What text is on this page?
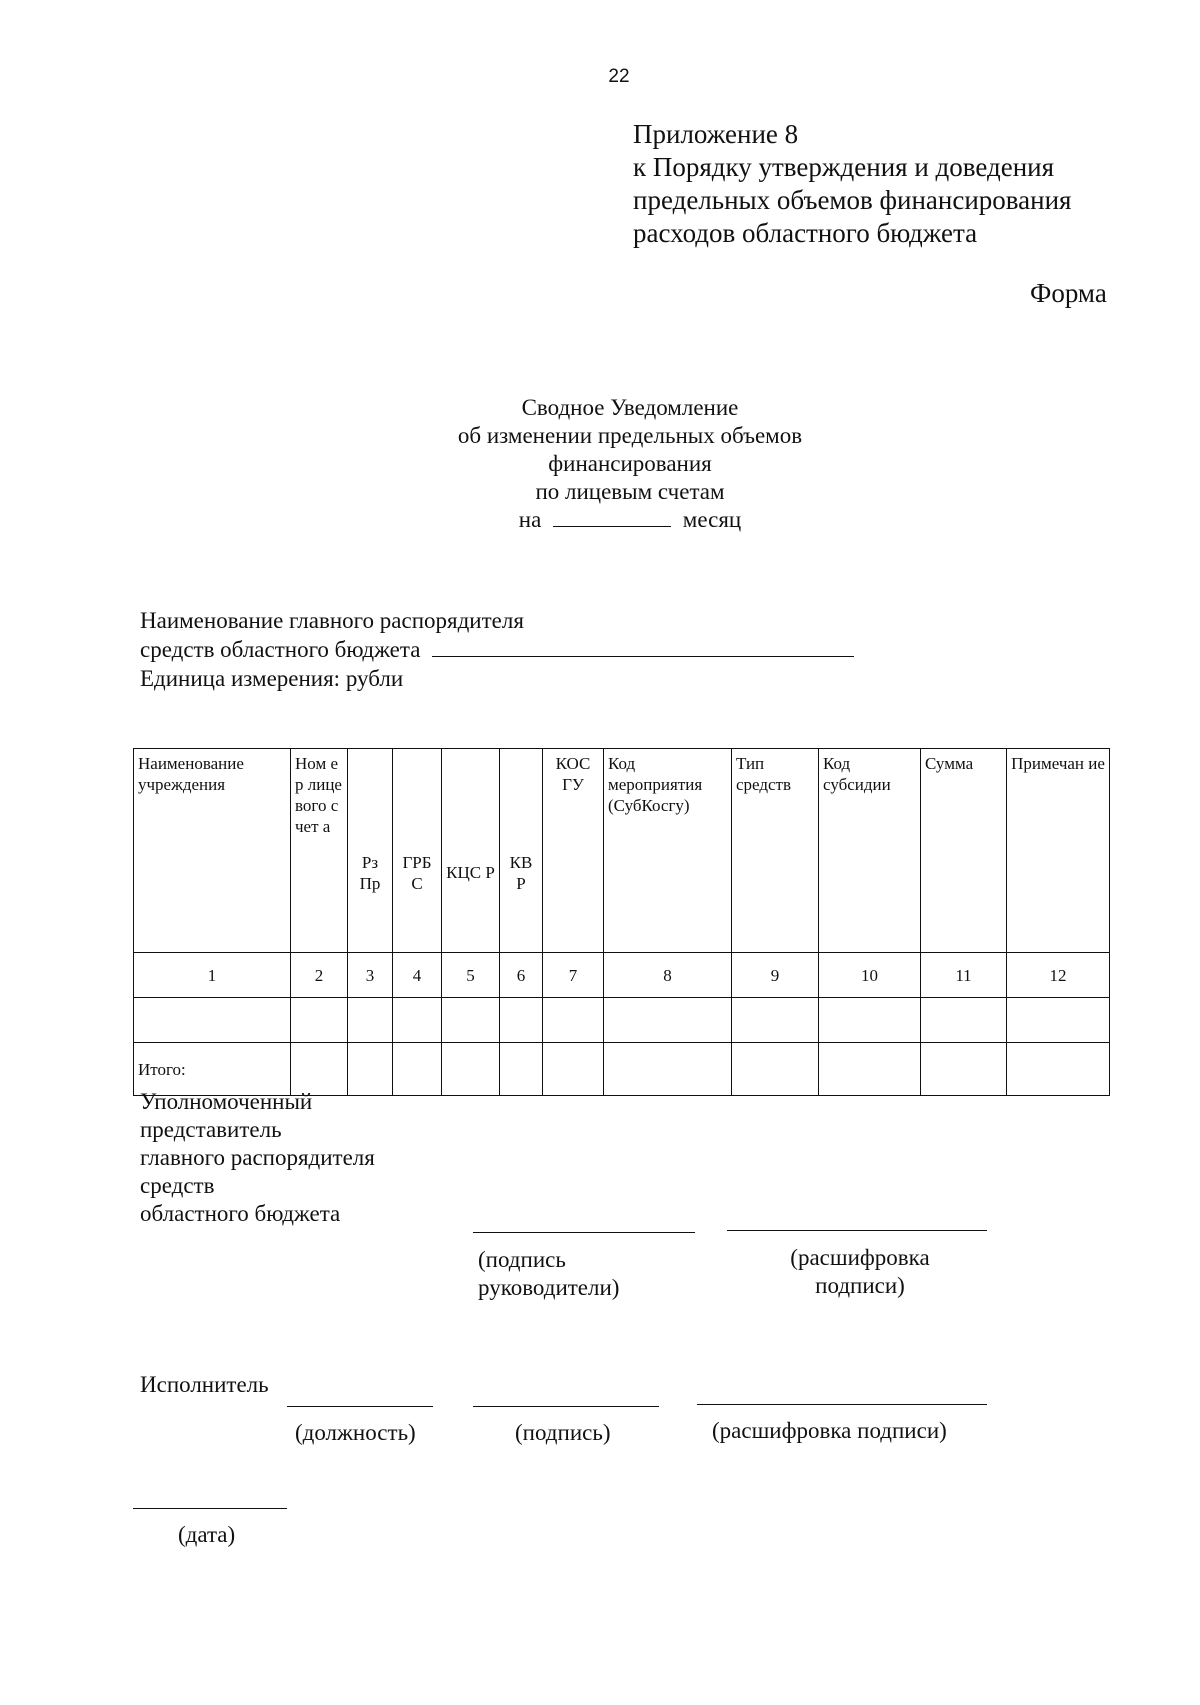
22
Приложение 8
к Порядку утверждения и доведения
предельных объемов финансирования
расходов областного бюджета
Форма
Сводное Уведомление
об изменении предельных объемов
финансирования
по лицевым счетам
на	месяц
Наименование главного распорядителя
средств областного бюджета
Единица измерения: рубли
Наименование учреждения	Ном ер лице вого счет а	Рз Пр	ГРБ С	КЦС Р	КВ Р	КОС ГУ	Код мероприятия (СубКосгу)	Тип средств	Код субсидии	Сумма	Примечан ие
1	2	3	4	5	6	7	8	9	10	11	12

Итого:											
Уполномоченный
представитель
главного распорядителя
средств
областного бюджета
(подпись
руководители)
(расшифровка
подписи)
Исполнитель
(должность)	(подпись)	(расшифровка подписи)
(дата)
